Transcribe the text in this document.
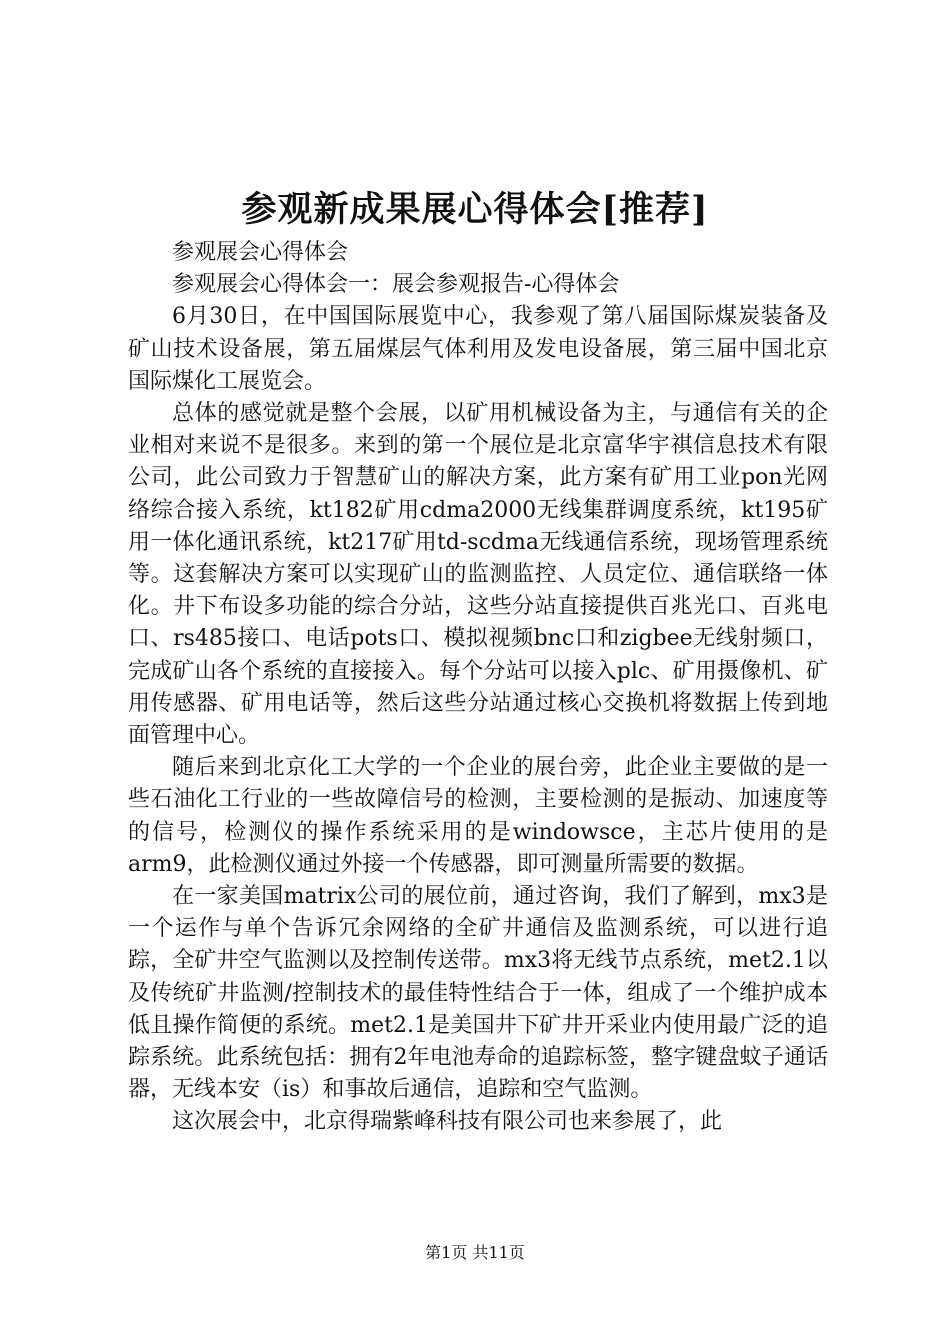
参观新成果展心得体会[推荐]

参观展会心得体会

参观展会心得体会一：展会参观报告-心得体会

6月30日，在中国国际展览中心，我参观了第八届国际煤炭装备及矿山技术设备展，第五届煤层气体利用及发电设备展，第三届中国北京国际煤化工展览会。

总体的感觉就是整个会展，以矿用机械设备为主，与通信有关的企业相对来说不是很多。来到的第一个展位是北京富华宇祺信息技术有限公司，此公司致力于智慧矿山的解决方案，此方案有矿用工业pon光网络综合接入系统，kt182矿用cdma2000无线集群调度系统，kt195矿用一体化通讯系统，kt217矿用td-scdma无线通信系统，现场管理系统等。这套解决方案可以实现矿山的监测监控、人员定位、通信联络一体化。井下布设多功能的综合分站，这些分站直接提供百兆光口、百兆电口、rs485接口、电话pots口、模拟视频bnc口和zigbee无线射频口，完成矿山各个系统的直接接入。每个分站可以接入plc、矿用摄像机、矿用传感器、矿用电话等，然后这些分站通过核心交换机将数据上传到地面管理中心。

随后来到北京化工大学的一个企业的展台旁，此企业主要做的是一些石油化工行业的一些故障信号的检测，主要检测的是振动、加速度等的信号，检测仪的操作系统采用的是windowsce，主芯片使用的是arm9，此检测仪通过外接一个传感器，即可测量所需要的数据。

在一家美国matrix公司的展位前，通过咨询，我们了解到，mx3是一个运作与单个告诉冗余网络的全矿井通信及监测系统，可以进行追踪，全矿井空气监测以及控制传送带。mx3将无线节点系统，met2.1以及传统矿井监测/控制技术的最佳特性结合于一体，组成了一个维护成本低且操作简便的系统。met2.1是美国井下矿井开采业内使用最广泛的追踪系统。此系统包括：拥有2年电池寿命的追踪标签，整字键盘蚊子通话器，无线本安（is）和事故后通信，追踪和空气监测。

这次展会中，北京得瑞紫峰科技有限公司也来参展了，此

第1页 共11页
